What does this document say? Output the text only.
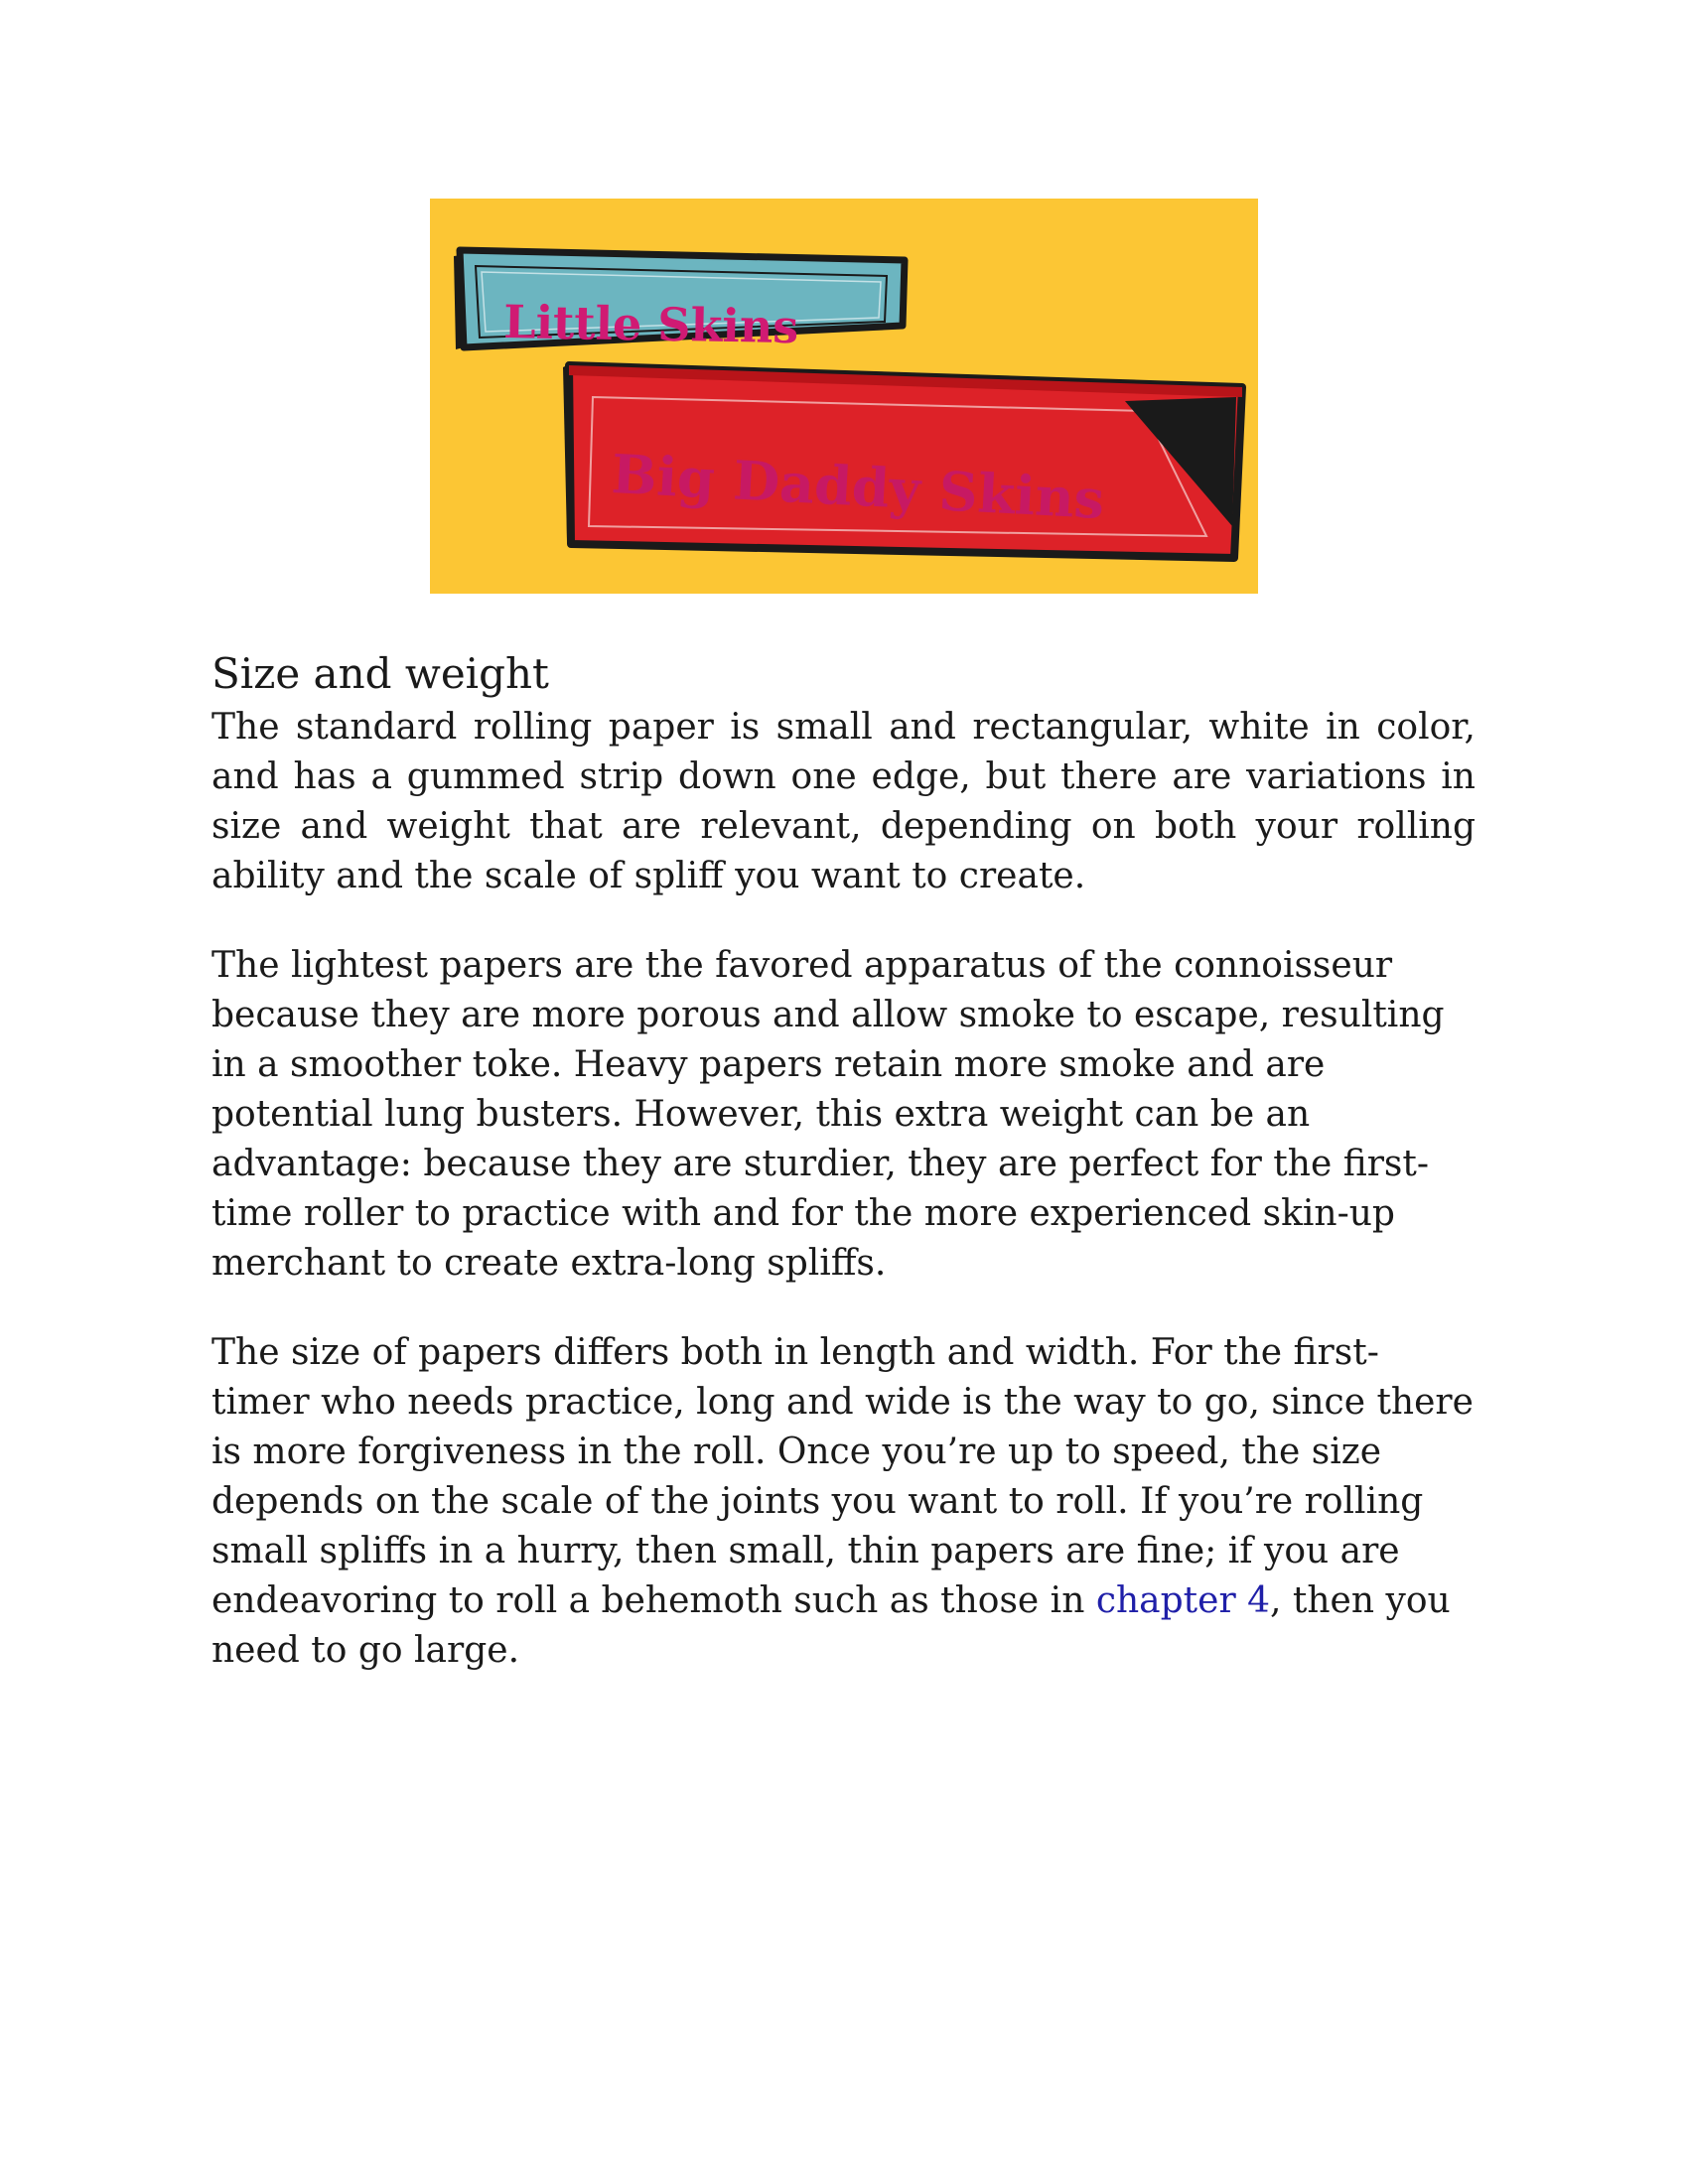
Little Skins
Big Daddy Skins
Size and weight

The standard rolling paper is small and rectangular, white in color, and has a gummed strip down one edge, but there are variations in size and weight that are relevant, depending on both your rolling ability and the scale of spliff you want to create.

The lightest papers are the favored apparatus of the connoisseur because they are more porous and allow smoke to escape, resulting in a smoother toke. Heavy papers retain more smoke and are potential lung busters. However, this extra weight can be an advantage: because they are sturdier, they are perfect for the first-time roller to practice with and for the more experienced skin-up merchant to create extra-long spliffs.

The size of papers differs both in length and width. For the first-timer who needs practice, long and wide is the way to go, since there is more forgiveness in the roll. Once you’re up to speed, the size depends on the scale of the joints you want to roll. If you’re rolling small spliffs in a hurry, then small, thin papers are fine; if you are endeavoring to roll a behemoth such as those in chapter 4, then you need to go large.
